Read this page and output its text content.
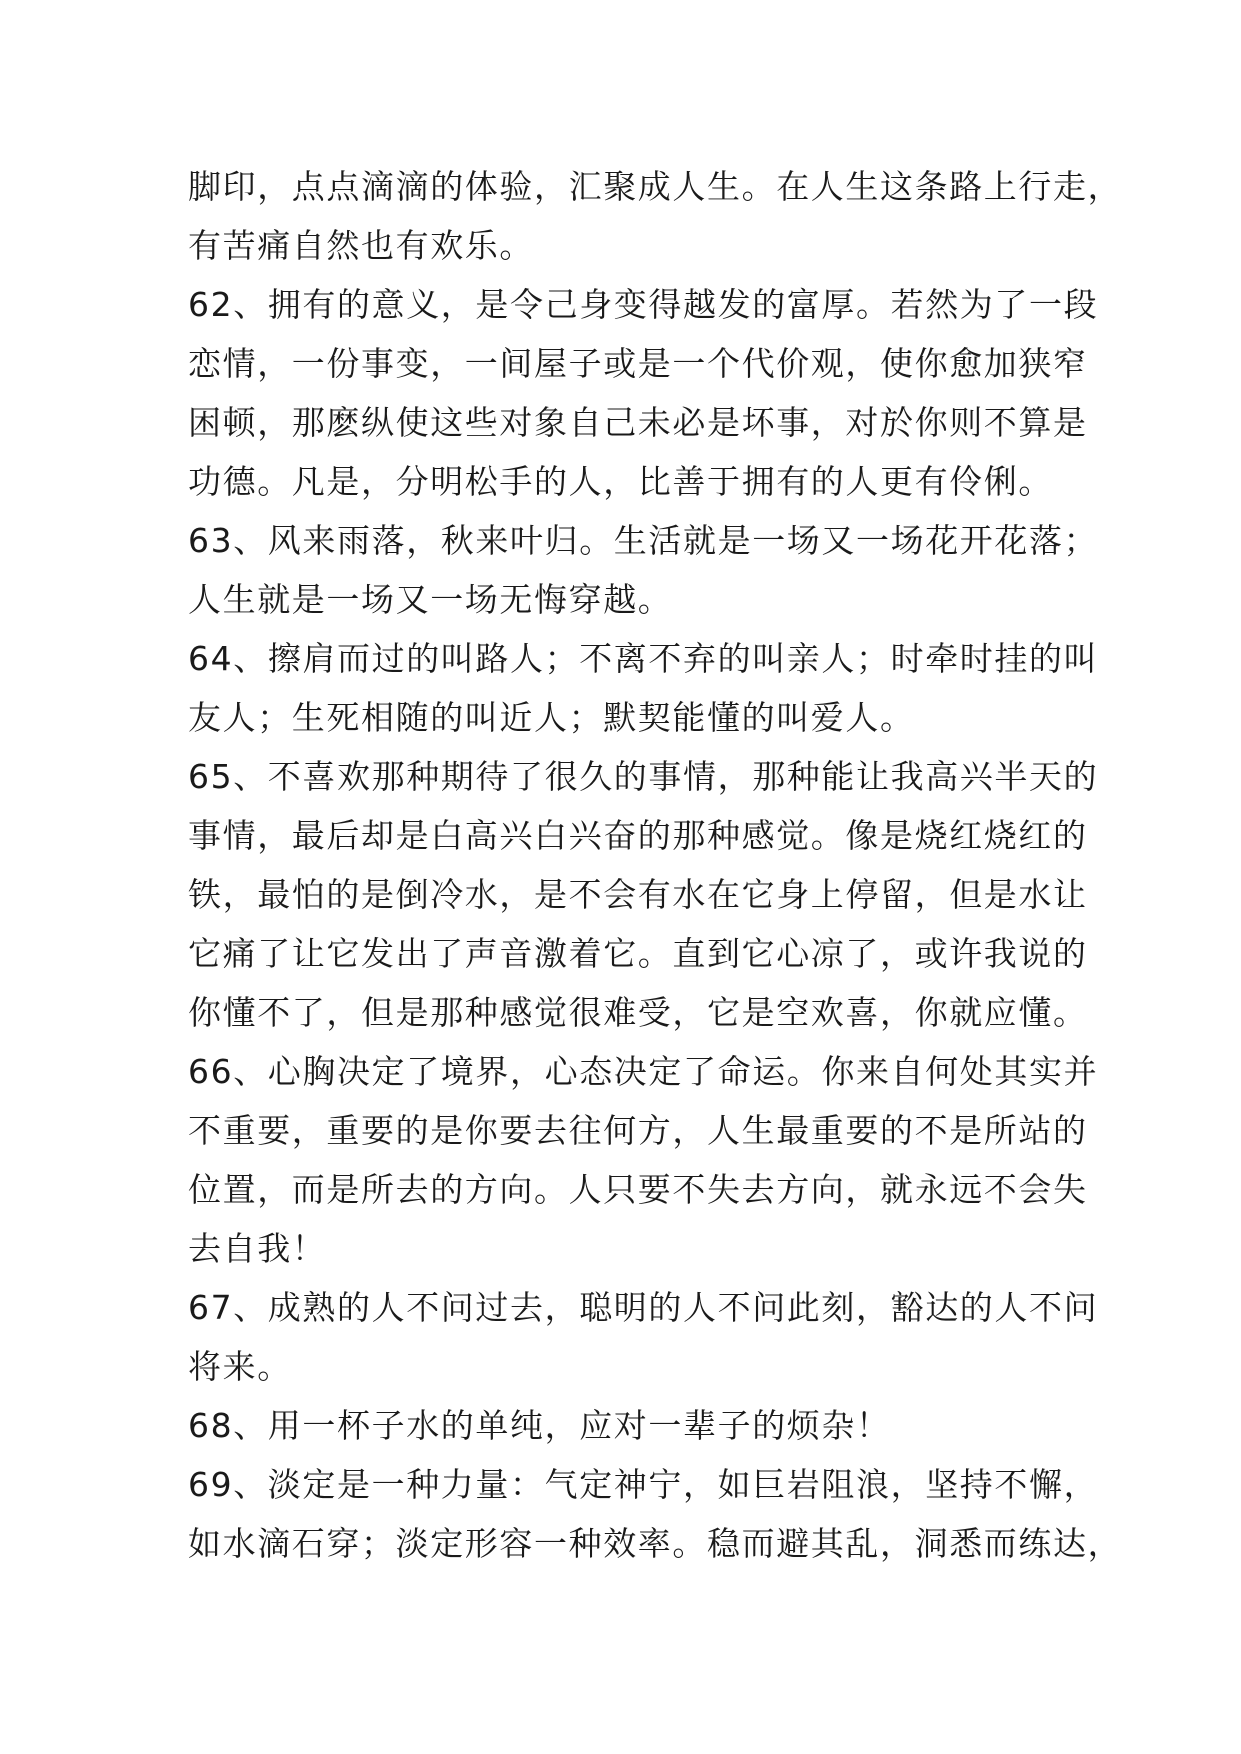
脚印，点点滴滴的体验，汇聚成人生。在人生这条路上行走，
有苦痛自然也有欢乐。
62、拥有的意义，是令己身变得越发的富厚。若然为了一段
恋情，一份事变，一间屋子或是一个代价观，使你愈加狭窄
困顿，那麽纵使这些对象自己未必是坏事，对於你则不算是
功德。凡是，分明松手的人，比善于拥有的人更有伶俐。
63、风来雨落，秋来叶归。生活就是一场又一场花开花落；
人生就是一场又一场无悔穿越。
64、擦肩而过的叫路人；不离不弃的叫亲人；时牵时挂的叫
友人；生死相随的叫近人；默契能懂的叫爱人。
65、不喜欢那种期待了很久的事情，那种能让我高兴半天的
事情，最后却是白高兴白兴奋的那种感觉。像是烧红烧红的
铁，最怕的是倒冷水，是不会有水在它身上停留，但是水让
它痛了让它发出了声音激着它。直到它心凉了，或许我说的
你懂不了，但是那种感觉很难受，它是空欢喜，你就应懂。
66、心胸决定了境界，心态决定了命运。你来自何处其实并
不重要，重要的是你要去往何方，人生最重要的不是所站的
位置，而是所去的方向。人只要不失去方向，就永远不会失
去自我！
67、成熟的人不问过去，聪明的人不问此刻，豁达的人不问
将来。
68、用一杯子水的单纯，应对一辈子的烦杂！
69、淡定是一种力量：气定神宁，如巨岩阻浪，坚持不懈，
如水滴石穿；淡定形容一种效率。稳而避其乱，洞悉而练达，
